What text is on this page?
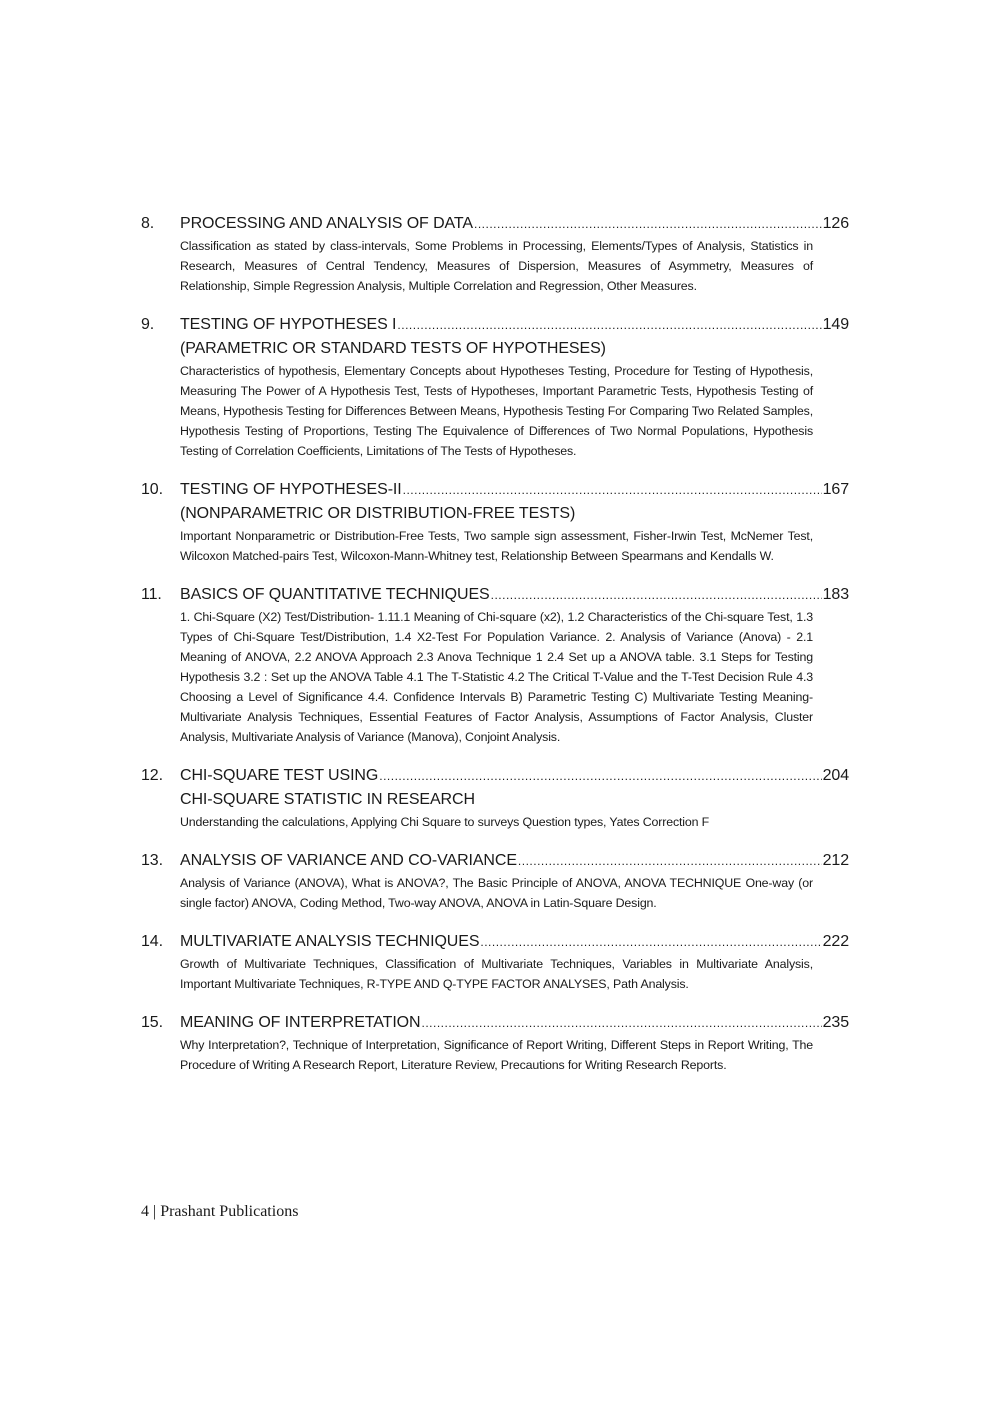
8.	PROCESSING AND ANALYSIS OF DATA .....	126
Classification as stated by class-intervals, Some Problems in Processing, Elements/Types of Analysis, Statistics in Research, Measures of Central Tendency, Measures of Dispersion, Measures of Asymmetry, Measures of Relationship, Simple Regression Analysis, Multiple Correlation and Regression, Other Measures.
9.	TESTING OF HYPOTHESES I .....	149
(PARAMETRIC OR STANDARD TESTS OF HYPOTHESES)
Characteristics of hypothesis, Elementary Concepts about Hypotheses Testing, Procedure for Testing of Hypothesis, Measuring The Power of A Hypothesis Test, Tests of Hypotheses, Important Parametric Tests, Hypothesis Testing of Means, Hypothesis Testing for Differences Between Means, Hypothesis Testing For Comparing Two Related Samples, Hypothesis Testing of Proportions, Testing The Equivalence of Differences of Two Normal Populations, Hypothesis Testing of Correlation Coefficients, Limitations of The Tests of Hypotheses.
10.	TESTING OF HYPOTHESES-II .....	167
(NONPARAMETRIC OR DISTRIBUTION-FREE TESTS)
Important Nonparametric or Distribution-Free Tests, Two sample sign assessment, Fisher-Irwin Test, McNemer Test, Wilcoxon Matched-pairs Test, Wilcoxon-Mann-Whitney test, Relationship Between Spearmans and Kendalls W.
11.	BASICS OF QUANTITATIVE TECHNIQUES .....	183
1. Chi-Square (X2) Test/Distribution- 1.11.1 Meaning of Chi-square (x2), 1.2 Characteristics of the Chi-square Test, 1.3 Types of Chi-Square Test/Distribution, 1.4 X2-Test For Population Variance. 2. Analysis of Variance (Anova) - 2.1 Meaning of ANOVA, 2.2 ANOVA Approach 2.3 Anova Technique 1 2.4 Set up a ANOVA table. 3.1 Steps for Testing Hypothesis 3.2 : Set up the ANOVA Table 4.1 The T-Statistic 4.2 The Critical T-Value and the T-Test Decision Rule 4.3 Choosing a Level of Significance 4.4. Confidence Intervals B) Parametric Testing C) Multivariate Testing Meaning-Multivariate Analysis Techniques, Essential Features of Factor Analysis, Assumptions of Factor Analysis, Cluster Analysis, Multivariate Analysis of Variance (Manova), Conjoint Analysis.
12.	CHI-SQUARE TEST USING .....	204
CHI-SQUARE STATISTIC IN RESEARCH
Understanding the calculations, Applying Chi Square to surveys Question types, Yates Correction F
13.	ANALYSIS OF VARIANCE AND CO-VARIANCE .....	212
Analysis of Variance (ANOVA), What is ANOVA?, The Basic Principle of ANOVA, ANOVA TECHNIQUE One-way (or single factor) ANOVA, Coding Method, Two-way ANOVA, ANOVA in Latin-Square Design.
14.	MULTIVARIATE ANALYSIS TECHNIQUES .....	222
Growth of Multivariate Techniques, Classification of Multivariate Techniques, Variables in Multivariate Analysis, Important Multivariate Techniques, R-TYPE AND Q-TYPE FACTOR ANALYSES, Path Analysis.
15.	MEANING OF INTERPRETATION .....	235
Why Interpretation?, Technique of Interpretation, Significance of Report Writing, Different Steps in Report Writing, The Procedure of Writing A Research Report, Literature Review, Precautions for Writing Research Reports.
4 | Prashant Publications
